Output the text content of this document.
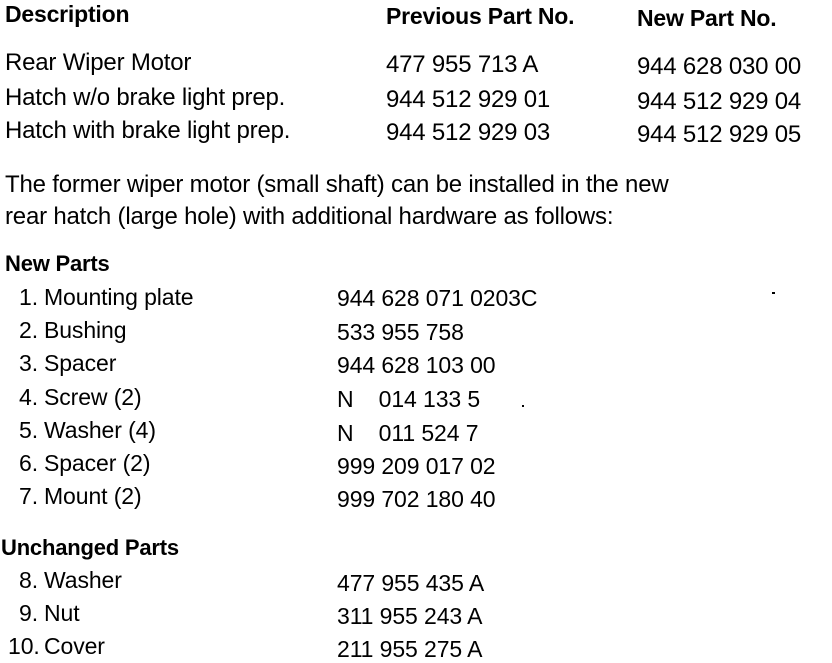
Description	Previous Part No.	New Part No.
Rear Wiper Motor	477 955 713 A	944 628 030 00
Hatch w/o brake light prep.	944 512 929 01	944 512 929 04
Hatch with brake light prep.	944 512 929 03	944 512 929 05
The former wiper motor (small shaft) can be installed in the new
rear hatch (large hole) with additional hardware as follows:
New Parts
1. Mounting plate	944 628 071 0203C
2. Bushing	533 955 758
3. Spacer	944 628 103 00
4. Screw (2)	N    014 133 5
5. Washer (4)	N    011 524 7
6. Spacer (2)	999 209 017 02
7. Mount (2)	999 702 180 40
Unchanged Parts
8. Washer	477 955 435 A
9. Nut	311 955 243 A
10. Cover	211 955 275 A
